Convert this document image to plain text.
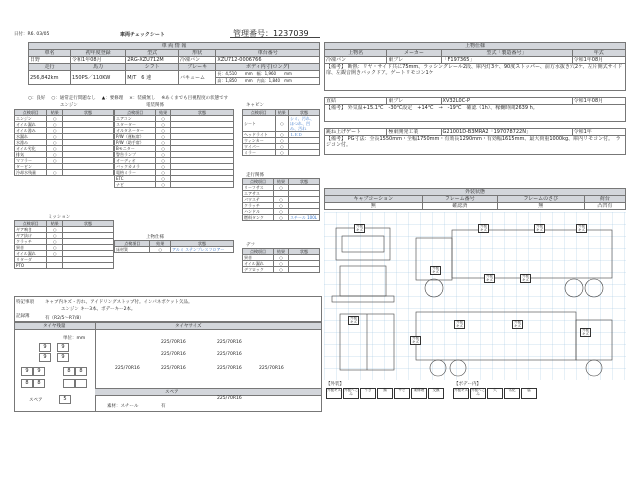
日付：R6. 03/05	車両チェックシート	管理番号：1237039
車 両 情 報				
車名	初年度登録	型式	形状	車台番号
日野	令和1年08月	2RG-XZU712M	冷凍バン	XZU712-0006766
走行	馬力	シフト	ブレーキ	ボディ内寸(ロング)
256,842km	150PS／110KW	M/T　6 速	バキューム	長：4,510　　mm　幅：1,960　　mm
				高：1,850　　mm　内高：1,840　mm
○：良好　 ○：通常走行問題なし　 ▲：要修理　 ×：装備無し　 ※あくまでも目視程度の状態です
エンジン
点検項目	結果	状態
エンジン	○	
オイル漏れ	○	
オイル滲み	○	
水漏れ	○	
水滲み	○	
オイル劣化	○	
排気	○	
マフラー	○	
タービン		
冷却水残量	○	
ミッション
点検項目	結果	状態
ギア鳴き	○	
ギア抜け	○	
クラッチ	○	
異音	○	
オイル漏れ	○	
リターダ		
PTO		
電装関係
点検項目	結果	状態
エアコン	○	
スターター	○	
オルタネーター	○	
P/W（運転席）	○	
P/W（助手席）	○	
Bモニター	○	
警告ランプ	○	
オーディオ	○	
バックカメラ	○	
電格ミラー	○	
ETC	○	
ナビ	○	
上物仕様
点検項目	結果	状態
床材質	○	アルミ ステンプレスフロアー
キャビン
点検項目	結果	状態
シート	○	シミ、汚れ、ほつれ、凹み、汚れ
ヘッドライト	○	ＬＥＤ
ウィンカー	○	
ワイパー	○	
ミラー	○	
走行関係
点検項目	結果	状態
リーフサス	○	
エアサス		
パワステ	○	
クラッチ	○	
ハンドル	○	
燃料タンク	○	スチール 100L
デフ
点検項目	結果	状態
異音	○	
オイル漏れ	○	
デフロック	○	
特記事項 キャブ内キズ・汚れ、アイドリングストップ付。インパネポケット欠品。
エンジン キー3本、ボデーキー2本。
記録簿	有（R2/5〜R7/8）
タイヤ残量	タイヤサイズ
単位：mm
9	9
9	9
9	9	8	8
8	8
スペア	5
225/70R16	225/70R16
225/70R16	225/70R16
225/70R16	225/70R16	225/70R16	225/70R16
スペア
225/70R16
素材：スチール	有
上物仕様			
上物名	メーカー	型式「製造番号」	年式
冷凍バン	東プレ	「F197365」	令和1年08月
【備考】 断熱：リヤ・サイド共に75mm、ラッシングレール2段、庫内灯3ケ、90度ストッパー、前方水抜き穴2ケ、左片開式サイド扉、左観音開きバックドア。ゲートリモコン1ケ			

直結	東プレ	XV32L0C-P	令和1年08月
【備考】 外気温+15.1℃　-30℃設定　+14℃　→　-19℃　確認（1h）、稼働時間2639 h。			

跳ね上げゲート	極東開発工業	G21001D-B3MRA2「197078722N」	令和1年
【備考】 PG寸法：全長1550mm・全幅1750mm・有効長1290mm・有効幅1615mm、最大荷重1000kg、庫内リモコン付。　ラジコン付。			
外装状態			
キャブコーション	フレーム番号	フレームのさび	荷台
無	確認済	無	凸凹有
外板キズ
外板キズ
外板キズ
外板キズ
外板キズ
外板キズ
外板キズ
外板キズ	外板キズ
外板キズ
外板キズ
外板キズ
【外装】	【ボデー内】
外板キズ 外板へこみ
うき	錆	サビ	要修理	交換	外板キズ 外板へこみ
穴	劣化	腐
